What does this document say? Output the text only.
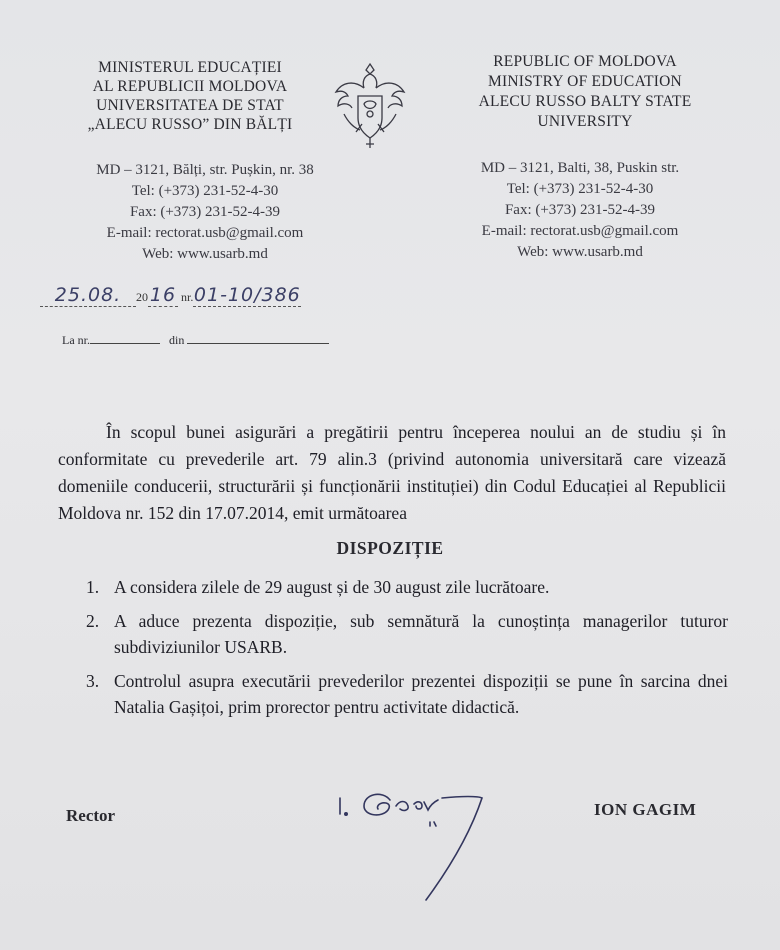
MINISTERUL EDUCAȚIEI
AL REPUBLICII MOLDOVA
UNIVERSITATEA DE STAT
„ALECU RUSSO” DIN BĂLȚI
REPUBLIC OF MOLDOVA
MINISTRY OF EDUCATION
ALECU RUSSO BALTY STATE
UNIVERSITY
MD – 3121, Bălți, str. Pușkin, nr. 38
Tel: (+373) 231-52-4-30
Fax: (+373) 231-52-4-39
E-mail: rectorat.usb@gmail.com
Web: www.usarb.md
MD – 3121, Balti, 38, Puskin str.
Tel: (+373) 231-52-4-30
Fax: (+373) 231-52-4-39
E-mail: rectorat.usb@gmail.com
Web: www.usarb.md
25.08. 20 16 nr.01-10/386
La nr.	din

În scopul bunei asigurări a pregătirii pentru începerea noului an de studiu și în conformitate cu prevederile art. 79 alin.3 (privind autonomia universitară care vizează domeniile conducerii, structurării și funcționării instituției) din Codul Educației al Republicii Moldova nr. 152 din 17.07.2014, emit următoarea

DISPOZIȚIE
1. A considera zilele de 29 august și de 30 august zile lucrătoare.
2. A aduce prezenta dispoziție, sub semnătură la cunoștința managerilor tuturor subdiviziunilor USARB.
3. Controlul asupra executării prevederilor prezentei dispoziții se pune în sarcina dnei Natalia Gașițoi, prim prorector pentru activitate didactică.
Rector	ION GAGIM
